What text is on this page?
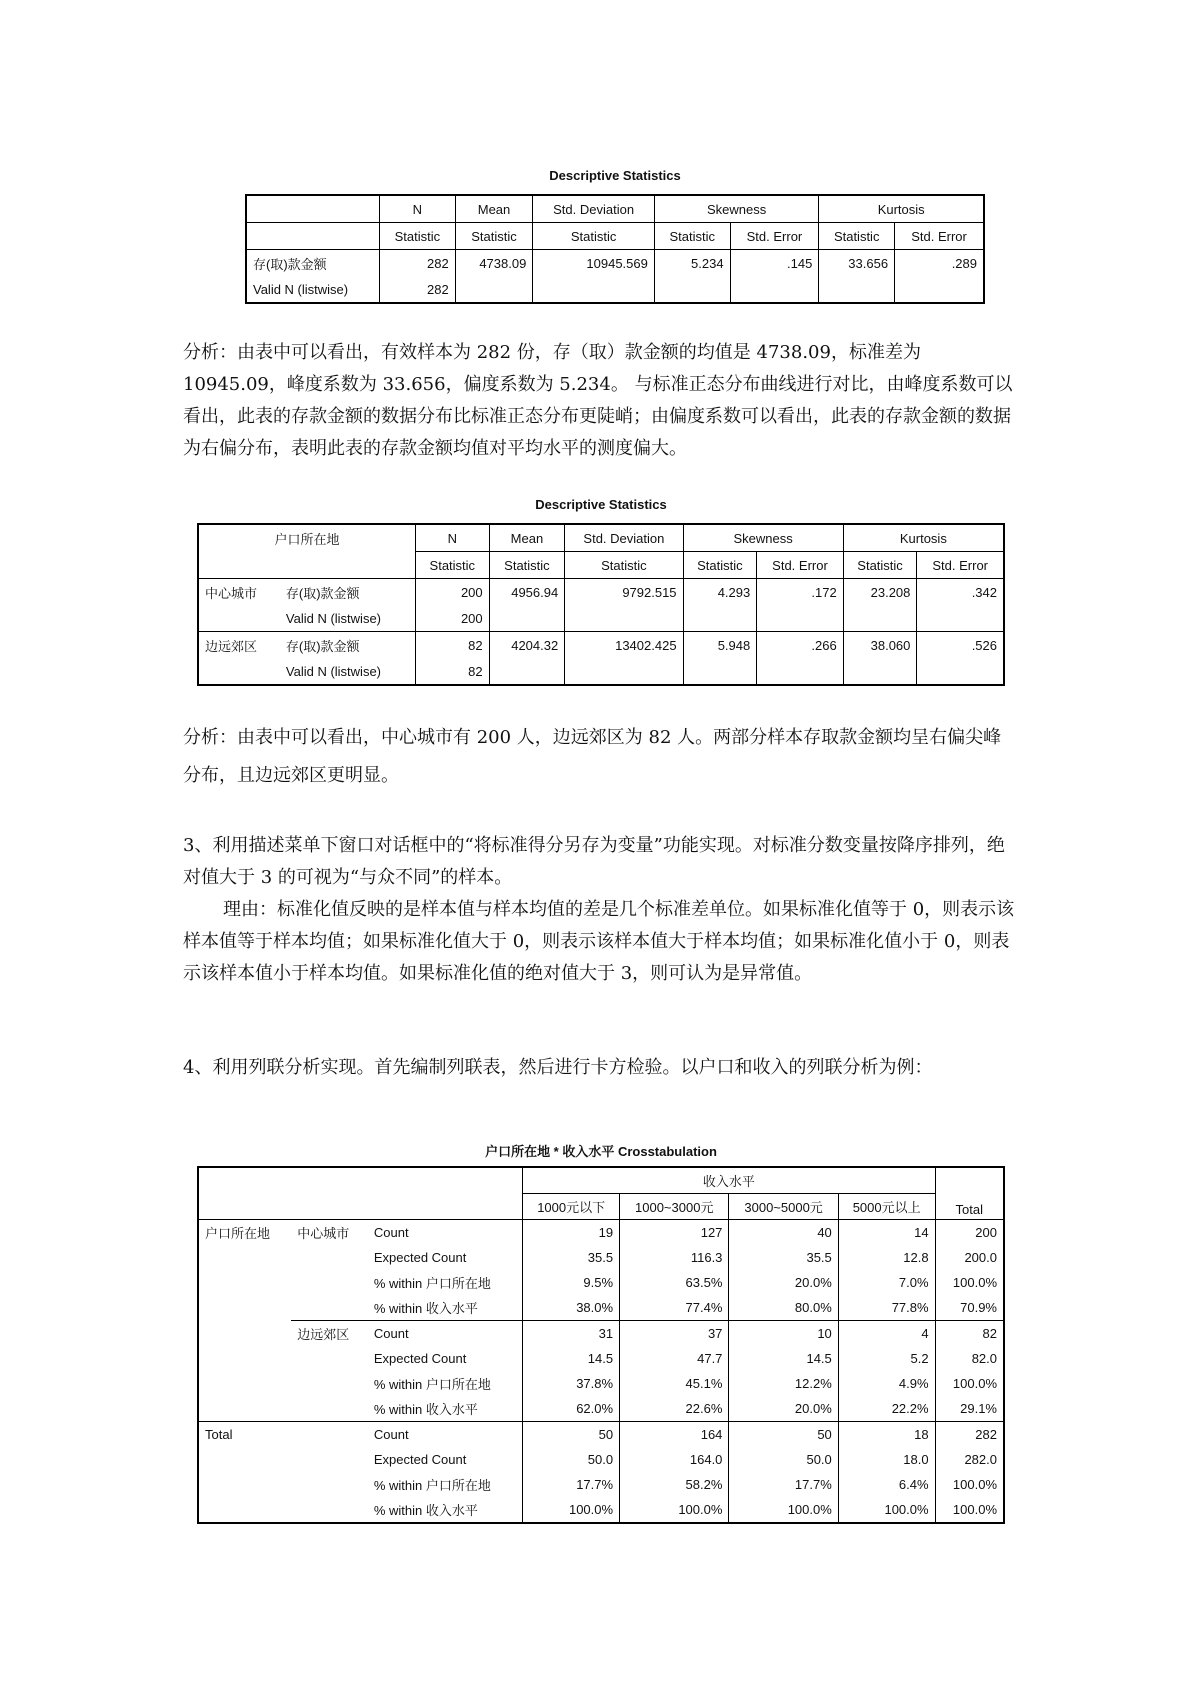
Descriptive Statistics
	N	Mean	Std. Deviation	Skewness		Kurtosis	
	Statistic	Statistic	Statistic	Statistic	Std. Error	Statistic	Std. Error
存(取)款金额	282	4738.09	10945.569	5.234	.145	33.656	.289
Valid N (listwise)	282						

分析：由表中可以看出，有效样本为 282 份，存（取）款金额的均值是 4738.09，标准差为 10945.09，峰度系数为 33.656，偏度系数为 5.234。 与标准正态分布曲线进行对比，由峰度系数可以看出，此表的存款金额的数据分布比标准正态分布更陡峭；由偏度系数可以看出，此表的存款金额的数据为右偏分布，表明此表的存款金额均值对平均水平的测度偏大。

Descriptive Statistics
户口所在地		N	Mean	Std. Deviation	Skewness		Kurtosis	
		Statistic	Statistic	Statistic	Statistic	Std. Error	Statistic	Std. Error
中心城市	存(取)款金额	200	4956.94	9792.515	4.293	.172	23.208	.342
	Valid N (listwise)	200						
边远郊区	存(取)款金额	82	4204.32	13402.425	5.948	.266	38.060	.526
	Valid N (listwise)	82						

分析：由表中可以看出，中心城市有 200 人，边远郊区为 82 人。两部分样本存取款金额均呈右偏尖峰分布，且边远郊区更明显。

3、利用描述菜单下窗口对话框中的“将标准得分另存为变量”功能实现。对标准分数变量按降序排列，绝对值大于 3 的可视为“与众不同”的样本。

理由：标准化值反映的是样本值与样本均值的差是几个标准差单位。如果标准化值等于 0，则表示该样本值等于样本均值；如果标准化值大于 0，则表示该样本值大于样本均值；如果标准化值小于 0，则表示该样本值小于样本均值。如果标准化值的绝对值大于 3，则可认为是异常值。

4、利用列联分析实现。首先编制列联表，然后进行卡方检验。以户口和收入的列联分析为例：

户口所在地 * 收入水平 Crosstabulation
			收入水平				Total
			1000元以下	1000~3000元	3000~5000元	5000元以上	
户口所在地	中心城市	Count	19	127	40	14	200
		Expected Count	35.5	116.3	35.5	12.8	200.0
		% within 户口所在地	9.5%	63.5%	20.0%	7.0%	100.0%
		% within 收入水平	38.0%	77.4%	80.0%	77.8%	70.9%
	边远郊区	Count	31	37	10	4	82
		Expected Count	14.5	47.7	14.5	5.2	82.0
		% within 户口所在地	37.8%	45.1%	12.2%	4.9%	100.0%
		% within 收入水平	62.0%	22.6%	20.0%	22.2%	29.1%
Total		Count	50	164	50	18	282
		Expected Count	50.0	164.0	50.0	18.0	282.0
		% within 户口所在地	17.7%	58.2%	17.7%	6.4%	100.0%
		% within 收入水平	100.0%	100.0%	100.0%	100.0%	100.0%
